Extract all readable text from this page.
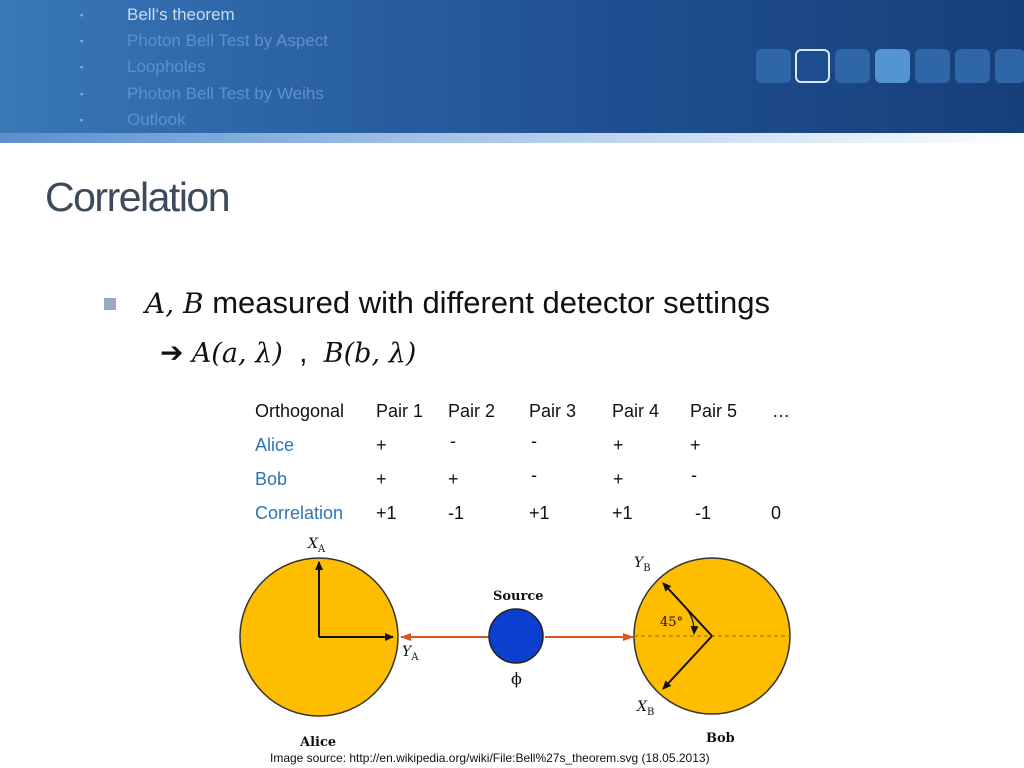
▪	Bell‘s theorem
▪	Photon Bell Test by Aspect
▪	Loopholes
▪	Photon Bell Test by Weihs
▪	Outlook
Correlation
A, B measured with different detector settings
➔ A(a, λ) , B(b, λ)
Orthogonal Pair 1 Pair 2 Pair 3 Pair 4 Pair 5 …
Alice	+	-	-	+	+
Bob	+	+	-	+	-
Correlation +1	-1	+1	+1	-1	0
$X_A$
$Y_A$
$Y_B$
$X_B$
45°
Source
ϕ
Alice	Bob
Image source: http://en.wikipedia.org/wiki/File:Bell%27s_theorem.svg (18.05.2013)
